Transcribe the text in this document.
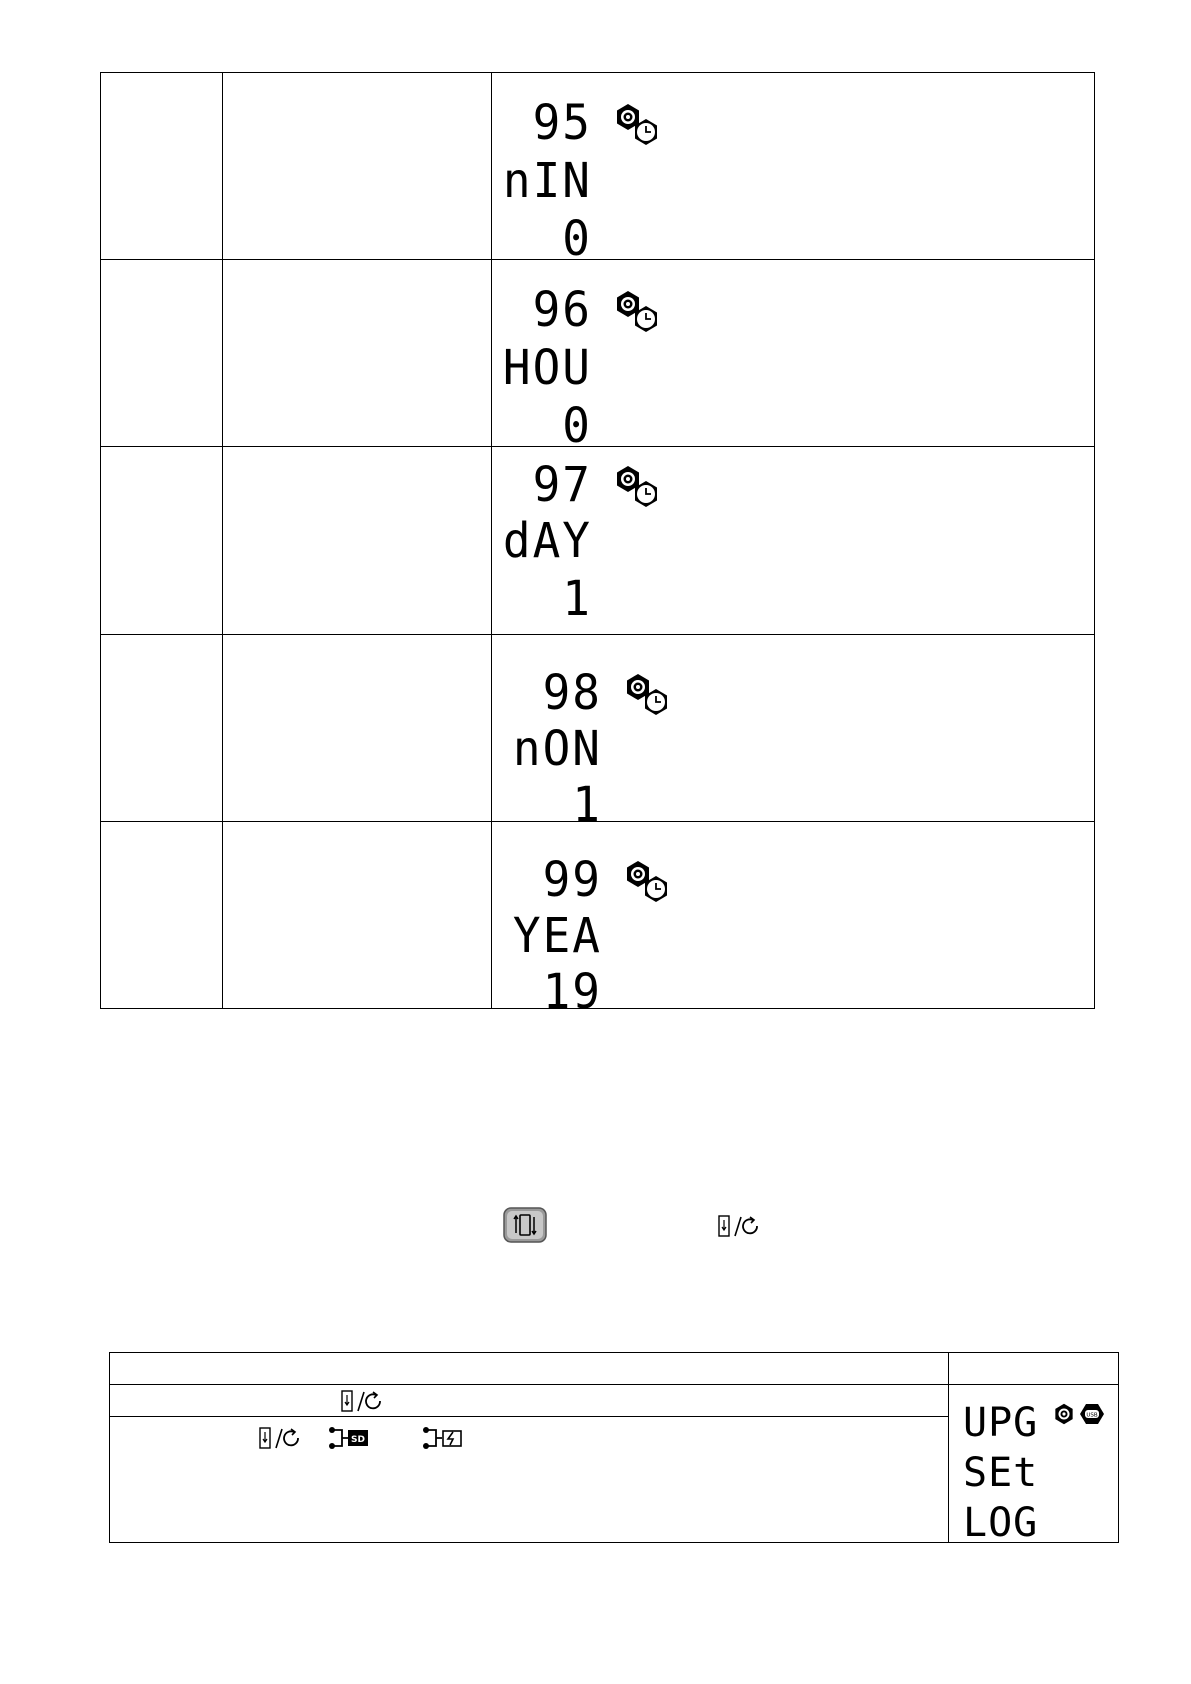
		95
nIN
0

		96
HOU
0

		97
dAY
1

		98
nON
1

		99
YEA
19

UPG
SEt
LOG
USB

SD	
